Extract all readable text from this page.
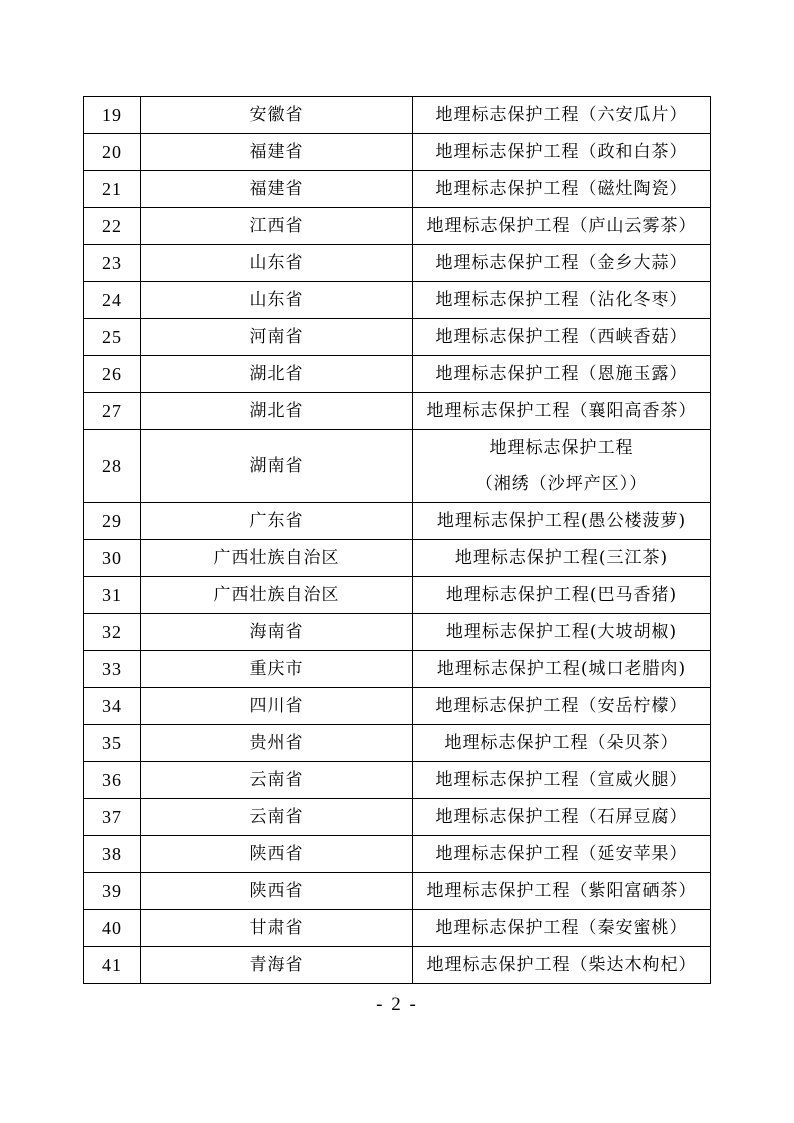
19	安徽省	地理标志保护工程（六安瓜片）
20	福建省	地理标志保护工程（政和白茶）
21	福建省	地理标志保护工程（磁灶陶瓷）
22	江西省	地理标志保护工程（庐山云雾茶）
23	山东省	地理标志保护工程（金乡大蒜）
24	山东省	地理标志保护工程（沾化冬枣）
25	河南省	地理标志保护工程（西峡香菇）
26	湖北省	地理标志保护工程（恩施玉露）
27	湖北省	地理标志保护工程（襄阳高香茶）
28	湖南省	地理标志保护工程
（湘绣（沙坪产区））

29	广东省	地理标志保护工程(愚公楼菠萝)
30	广西壮族自治区	地理标志保护工程(三江茶)
31	广西壮族自治区	地理标志保护工程(巴马香猪)
32	海南省	地理标志保护工程(大坡胡椒)
33	重庆市	地理标志保护工程(城口老腊肉)
34	四川省	地理标志保护工程（安岳柠檬）
35	贵州省	地理标志保护工程（朵贝茶）
36	云南省	地理标志保护工程（宣威火腿）
37	云南省	地理标志保护工程（石屏豆腐）
38	陕西省	地理标志保护工程（延安苹果）
39	陕西省	地理标志保护工程（紫阳富硒茶）
40	甘肃省	地理标志保护工程（秦安蜜桃）
41	青海省	地理标志保护工程（柴达木枸杞）
- 2 -
